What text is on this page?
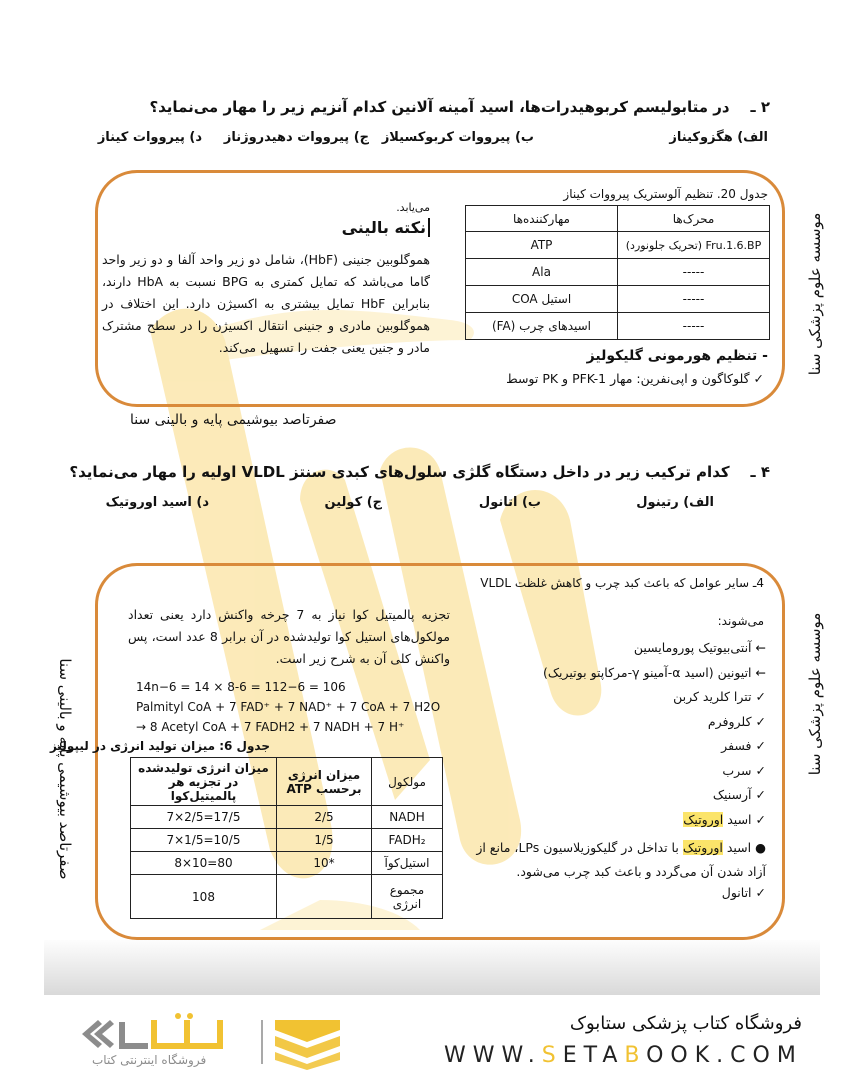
۲ ـ    در متابولیسم کربوهیدرات‌ها، اسید آمینه آلانین کدام آنزیم زیر را مهار می‌نماید؟
الف) هگزوکیناز
ب) پیرووات کربوکسیلاز
ج) پیرووات دهیدروژناز
د) پیرووات کیناز
موسسه علوم پزشکی سنا
می‌یابد.
نکته بالینی
هموگلوبین جنینی (HbF)، شامل دو زیر واحد آلفا و دو زیر واحد گاما می‌باشد که تمایل کمتری به BPG نسبت به HbA دارند، بنابراین HbF تمایل بیشتری به اکسیژن دارد. این اختلاف در هموگلوبین مادری و جنینی انتقال اکسیژن را در سطح مشترک مادر و جنین یعنی جفت را تسهیل می‌کند.
جدول 20. تنظیم آلوستریک پیرووات کیناز
محرک‌ها	مهارکننده‌ها
Fru.1.6.BP (تحریک جلونورد)	ATP
-----	Ala
-----	استیل COA
-----	اسیدهای چرب (FA)
- تنظیم هورمونی گلیکولیز
✓ گلوکاگون و اپی‌نفرین: مهار PFK-1 و PK توسط
صفرتاصد بیوشیمی پایه و بالینی سنا
۴ ـ    کدام ترکیب زیر در داخل دستگاه گلژی سلول‌های کبدی سنتز VLDL اولیه را مهار می‌نماید؟
الف) رتینول
ب) اتانول
ج) کولین
د) اسید اوروتیک
موسسه علوم پزشکی سنا
صفرتاصد بیوشیمی پایه و بالینی سنا
تجزیه پالمیتیل کوا نیاز به 7 چرخه واکنش دارد یعنی تعداد مولکول‌های استیل کوا تولیدشده در آن برابر 8 عدد است، پس واکنش کلی آن به شرح زیر است.
14n−6 = 14 × 8-6 = 112−6 = 106
Palmityl CoA + 7 FAD⁺ + 7 NAD⁺ + 7 CoA + 7 H2O
→ 8 Acetyl CoA + 7 FADH2 + 7 NADH + 7 H⁺
جدول 6: میزان تولید انرژی در لیپولیز
مولکول	میزان انرژی برحسب ATP	میزان انرژی تولیدشده در تجزیه هر پالمیتیل‌کوا
NADH	2/5	7×2/5=17/5
FADH₂	1/5	7×1/5=10/5
استیل‌کوآ	*10	8×10=80
مجموع انرژی		108
4ـ سایر عوامل که باعث کبد چرب و کاهش غلظت VLDL
می‌شوند:
← آنتی‌بیوتیک پورومایسین
← اتیونین (اسید α-آمینو γ-مرکاپتو بوتیریک)
✓ تترا کلرید کربن
✓ کلروفرم
✓ فسفر
✓ سرب
✓ آرسنیک
✓ اسید اوروتیک
● اسید اوروتیک با تداخل در گلیکوزیلاسیون LPs، مانع از آزاد شدن آن می‌گردد و باعث کبد چرب می‌شود.
✓ اتانول
فروشگاه اینترنتی کتاب
فروشگاه کتاب پزشکی ستابوک
WWW.SETABOOK.COM
